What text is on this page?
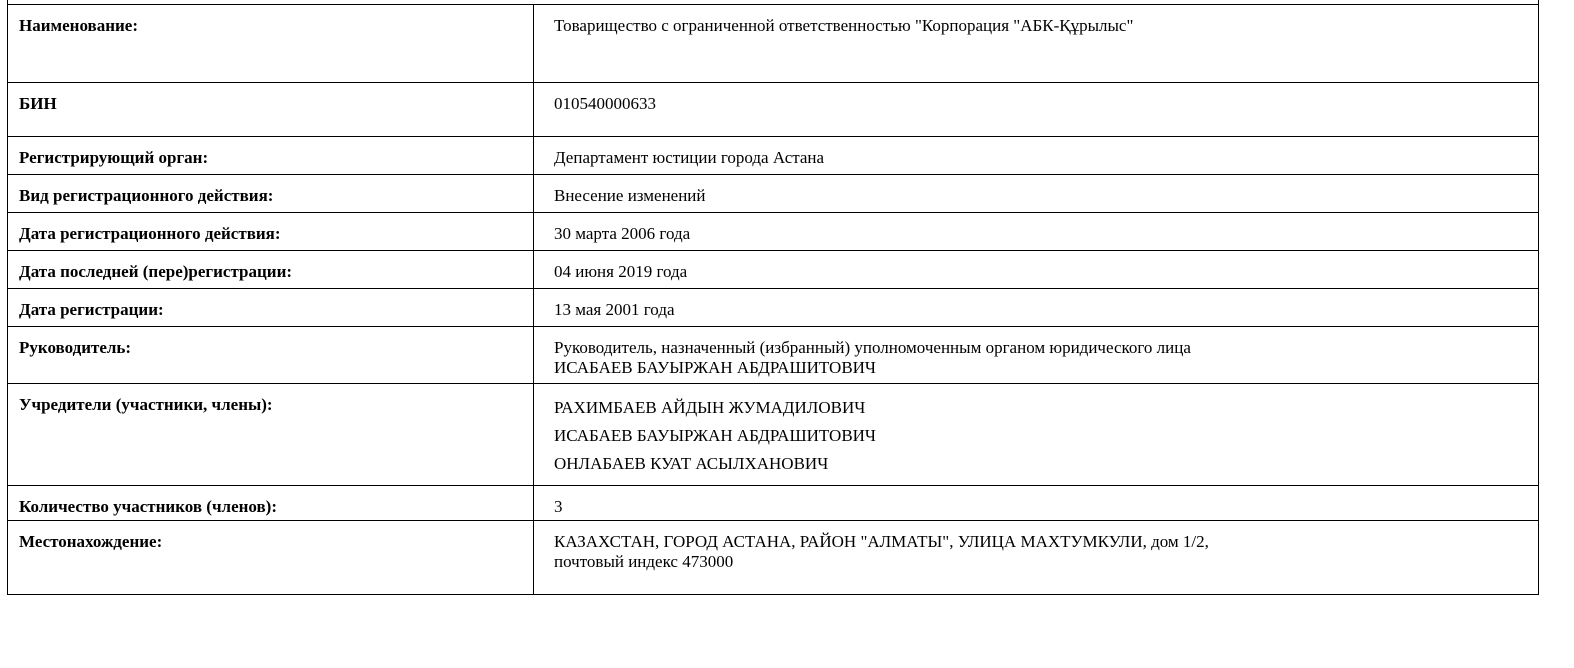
Наименование:	Товарищество с ограниченной ответственностью "Корпорация "АБК-Құрылыс"
БИН	010540000633
Регистрирующий орган:	Департамент юстиции города Астана
Вид регистрационного действия:	Внесение изменений
Дата регистрационного действия:	30 марта 2006 года
Дата последней (пере)регистрации:	04 июня 2019 года
Дата регистрации:	13 мая 2001 года
Руководитель:	Руководитель, назначенный (избранный) уполномоченным органом юридического лица
ИСАБАЕВ БАУЫРЖАН АБДРАШИТОВИЧ

Учредители (участники, члены):	РАХИМБАЕВ АЙДЫН ЖУМАДИЛОВИЧ
ИСАБАЕВ БАУЫРЖАН АБДРАШИТОВИЧ
ОНЛАБАЕВ КУАТ АСЫЛХАНОВИЧ

Количество участников (членов):	3
Местонахождение:	КАЗАХСТАН, ГОРОД АСТАНА, РАЙОН "АЛМАТЫ", УЛИЦА МАХТУМКУЛИ, дом 1/2,
почтовый индекс 473000
